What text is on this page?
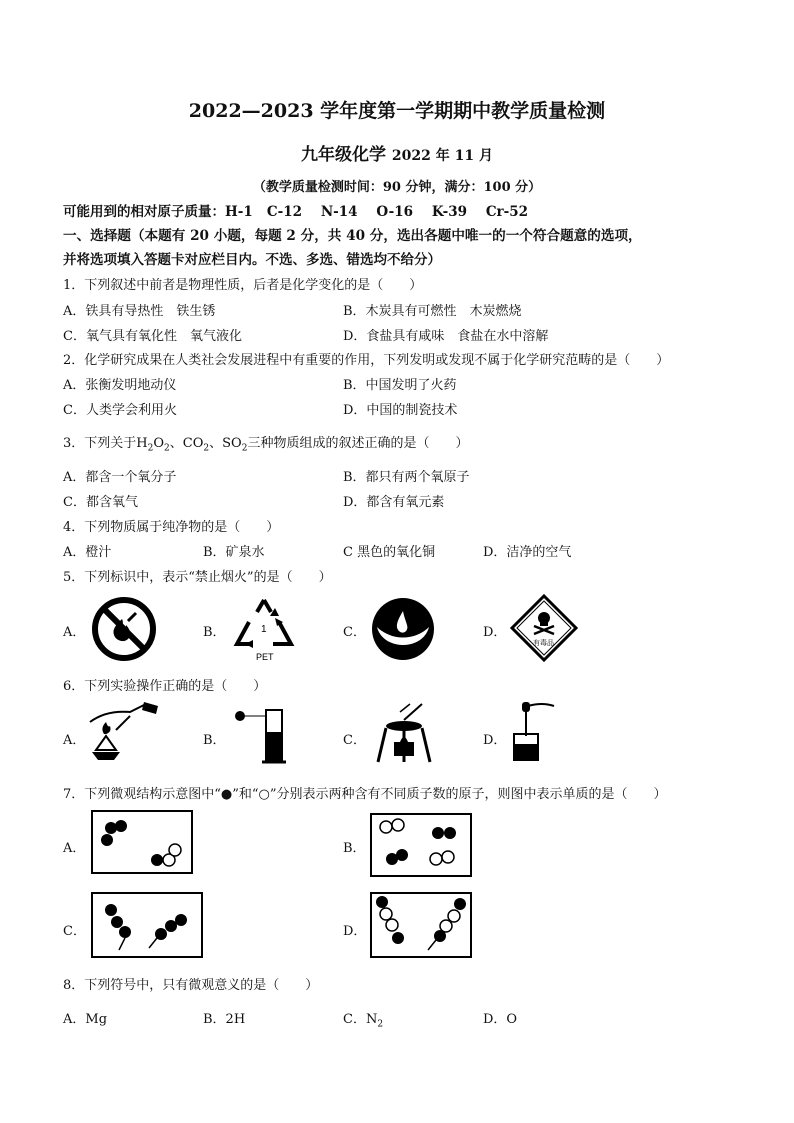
2022—2023 学年度第一学期期中教学质量检测
九年级化学 2022 年 11 月
（教学质量检测时间：90 分钟，满分：100 分）
可能用到的相对原子质量：H-1 C-12 N-14 O-16 K-39 Cr-52
一、选择题（本题有 20 小题，每题 2 分，共 40 分，选出各题中唯一的一个符合题意的选项，
并将选项填入答题卡对应栏目内。不选、多选、错选均不给分）
1．下列叙述中前者是物理性质，后者是化学变化的是（　　）
A．铁具有导热性　铁生锈	B．木炭具有可燃性　木炭燃烧
C．氧气具有氧化性　氧气液化	D．食盐具有咸味　食盐在水中溶解
2．化学研究成果在人类社会发展进程中有重要的作用，下列发明或发现不属于化学研究范畴的是（　　）
A．张衡发明地动仪	B．中国发明了火药
C．人类学会利用火	D．中国的制瓷技术
3．下列关于$H_2O_2$、$CO_2$、$SO_2$三种物质组成的叙述正确的是（　　）
A．都含一个氧分子	B．都只有两个氧原子
C．都含氧气	D．都含有氧元素
4．下列物质属于纯净物的是（　　）
A．橙汁	B．矿泉水	C 黑色的氧化铜	D．洁净的空气
5．下列标识中，表示“禁止烟火”的是（　　）
A．	B．	C．	D．
1
PET
有毒品
6．下列实验操作正确的是（　　）
A．	B．	C．	D．
7．下列微观结构示意图中“●”和“○”分别表示两种含有不同质子数的原子，则图中表示单质的是（　　）
A．	B．
C．	D．
8．下列符号中，只有微观意义的是（　　）
A．Mg	B．2H	C．$N_2$	D．O
